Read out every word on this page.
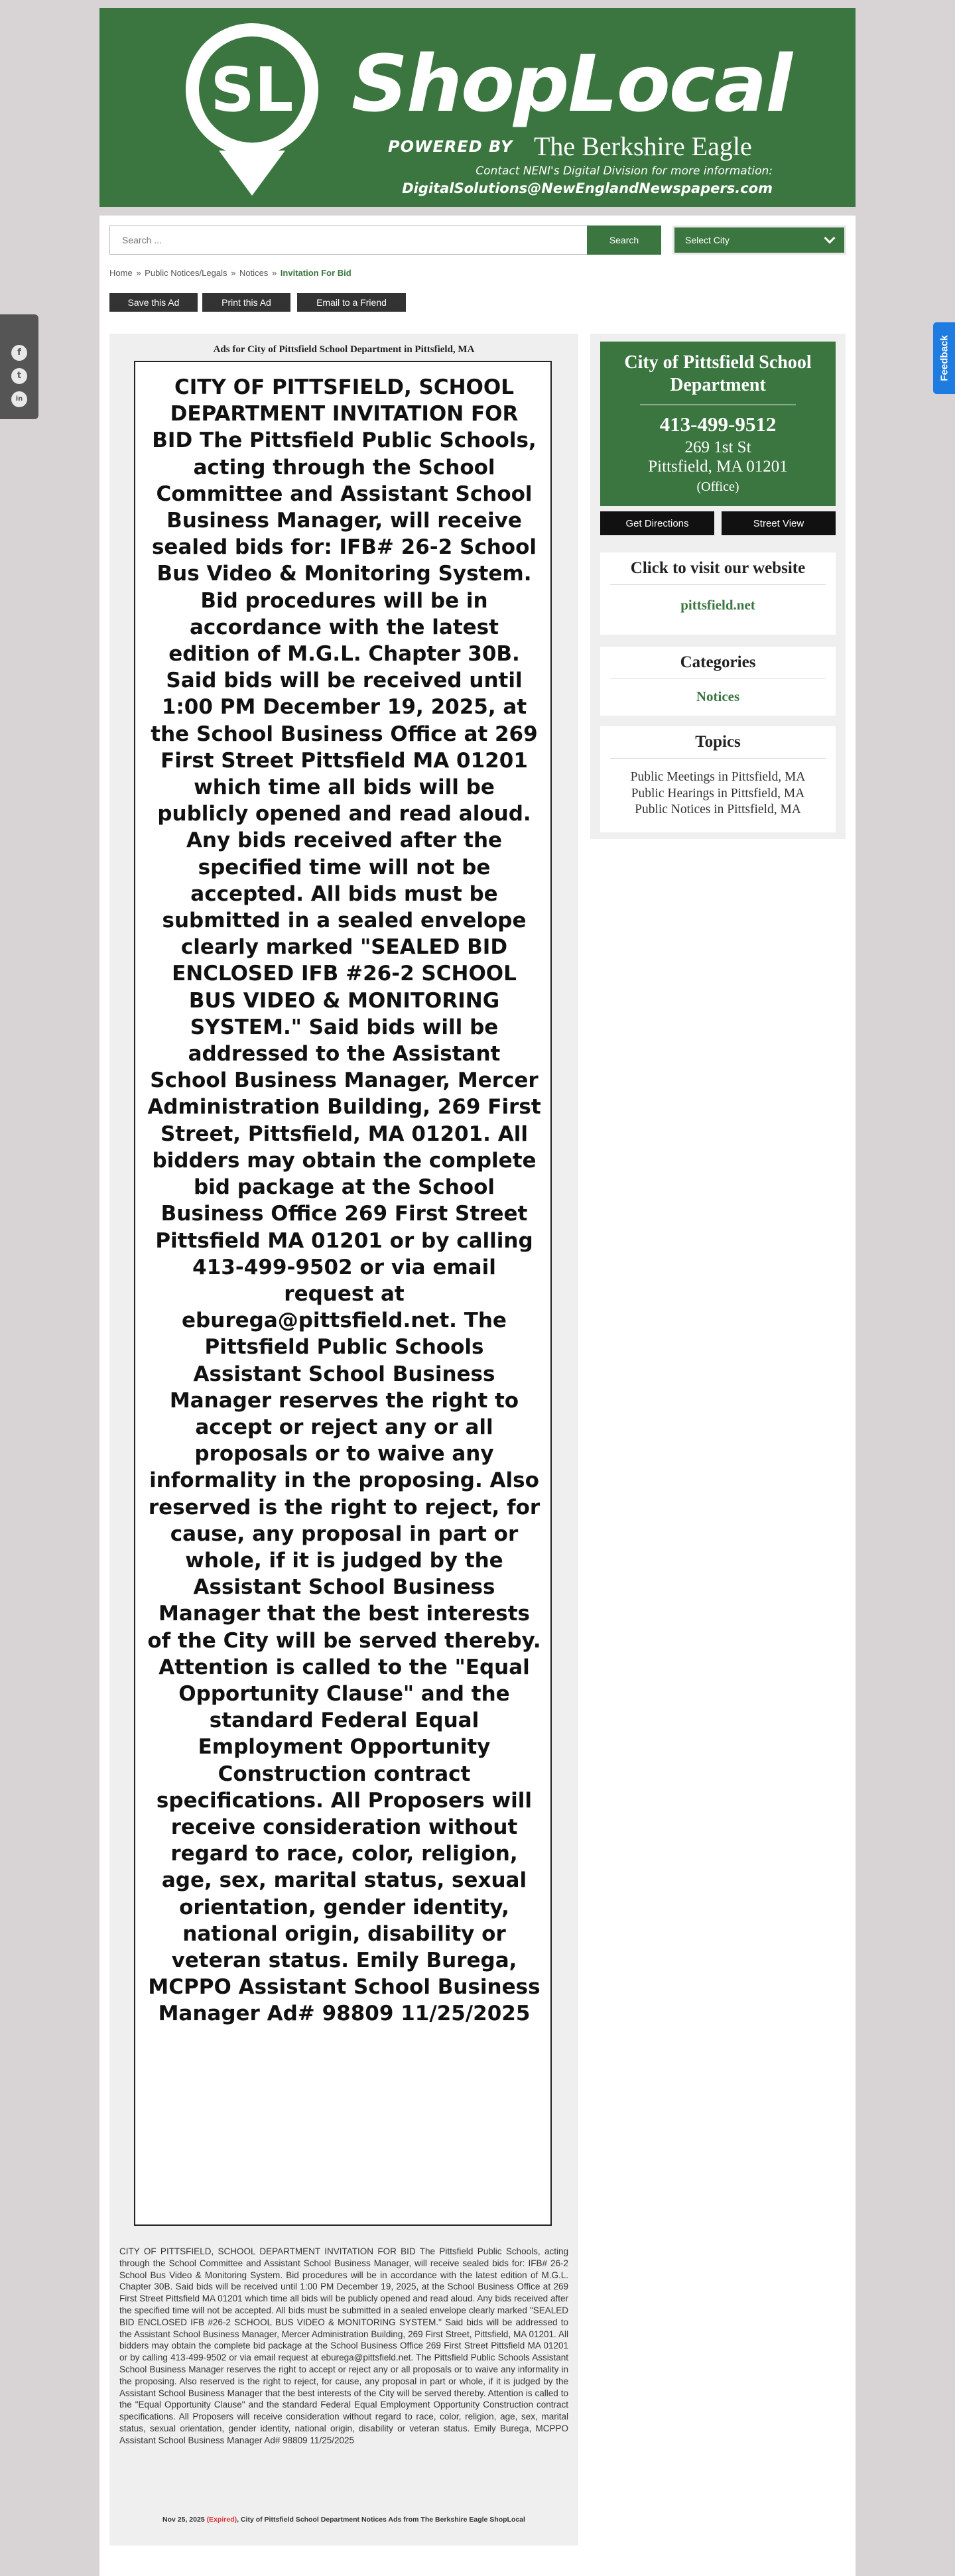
SL ShopLocal
POWERED BY The Berkshire Eagle
Contact NENI's Digital Division for more information:
DigitalSolutions@NewEnglandNewspapers.com
Search ...
Search	Select City
Home » Public Notices/Legals » Notices » Invitation For Bid
Save this Ad	Print this Ad	Email to a Friend
Ads for City of Pittsfield School Department in Pittsfield, MA
CITY OF PITTSFIELD, SCHOOL DEPARTMENT INVITATION FOR BID The Pittsfield Public Schools, acting through the School Committee and Assistant School Business Manager, will receive sealed bids for: IFB# 26-2 School Bus Video & Monitoring System. Bid procedures will be in accordance with the latest edition of M.G.L. Chapter 30B. Said bids will be received until 1:00 PM December 19, 2025, at the School Business Office at 269 First Street Pittsfield MA 01201 which time all bids will be publicly opened and read aloud. Any bids received after the specified time will not be accepted. All bids must be submitted in a sealed envelope clearly marked "SEALED BID ENCLOSED IFB #26-2 SCHOOL BUS VIDEO & MONITORING SYSTEM." Said bids will be addressed to the Assistant School Business Manager, Mercer Administration Building, 269 First Street, Pittsfield, MA 01201. All bidders may obtain the complete bid package at the School Business Office 269 First Street Pittsfield MA 01201 or by calling 413-499-9502 or via email request at eburega@pittsfield.net. The Pittsfield Public Schools Assistant School Business Manager reserves the right to accept or reject any or all proposals or to waive any informality in the proposing. Also reserved is the right to reject, for cause, any proposal in part or whole, if it is judged by the Assistant School Business Manager that the best interests of the City will be served thereby. Attention is called to the "Equal Opportunity Clause" and the standard Federal Equal Employment Opportunity Construction contract specifications. All Proposers will receive consideration without regard to race, color, religion, age, sex, marital status, sexual orientation, gender identity, national origin, disability or veteran status. Emily Burega, MCPPO Assistant School Business Manager Ad# 98809 11/25/2025
CITY OF PITTSFIELD, SCHOOL DEPARTMENT INVITATION FOR BID The Pittsfield Public Schools, acting through the School Committee and Assistant School Business Manager, will receive sealed bids for: IFB# 26-2 School Bus Video & Monitoring System. Bid procedures will be in accordance with the latest edition of M.G.L. Chapter 30B. Said bids will be received until 1:00 PM December 19, 2025, at the School Business Office at 269 First Street Pittsfield MA 01201 which time all bids will be publicly opened and read aloud. Any bids received after the specified time will not be accepted. All bids must be submitted in a sealed envelope clearly marked "SEALED BID ENCLOSED IFB #26-2 SCHOOL BUS VIDEO & MONITORING SYSTEM." Said bids will be addressed to the Assistant School Business Manager, Mercer Administration Building, 269 First Street, Pittsfield, MA 01201. All bidders may obtain the complete bid package at the School Business Office 269 First Street Pittsfield MA 01201 or by calling 413-499-9502 or via email request at eburega@pittsfield.net. The Pittsfield Public Schools Assistant School Business Manager reserves the right to accept or reject any or all proposals or to waive any informality in the proposing. Also reserved is the right to reject, for cause, any proposal in part or whole, if it is judged by the Assistant School Business Manager that the best interests of the City will be served thereby. Attention is called to the "Equal Opportunity Clause" and the standard Federal Equal Employment Opportunity Construction contract specifications. All Proposers will receive consideration without regard to race, color, religion, age, sex, marital status, sexual orientation, gender identity, national origin, disability or veteran status. Emily Burega, MCPPO Assistant School Business Manager Ad# 98809 11/25/2025
Nov 25, 2025 (Expired), City of Pittsfield School Department Notices Ads from The Berkshire Eagle ShopLocal
City of Pittsfield School Department
413-499-9512
269 1st St
Pittsfield, MA 01201
(Office)
Get Directions	Street View
Click to visit our website
pittsfield.net
Categories
Notices
Topics
Public Meetings in Pittsfield, MA
Public Hearings in Pittsfield, MA
Public Notices in Pittsfield, MA
f
t
in
Feedback
